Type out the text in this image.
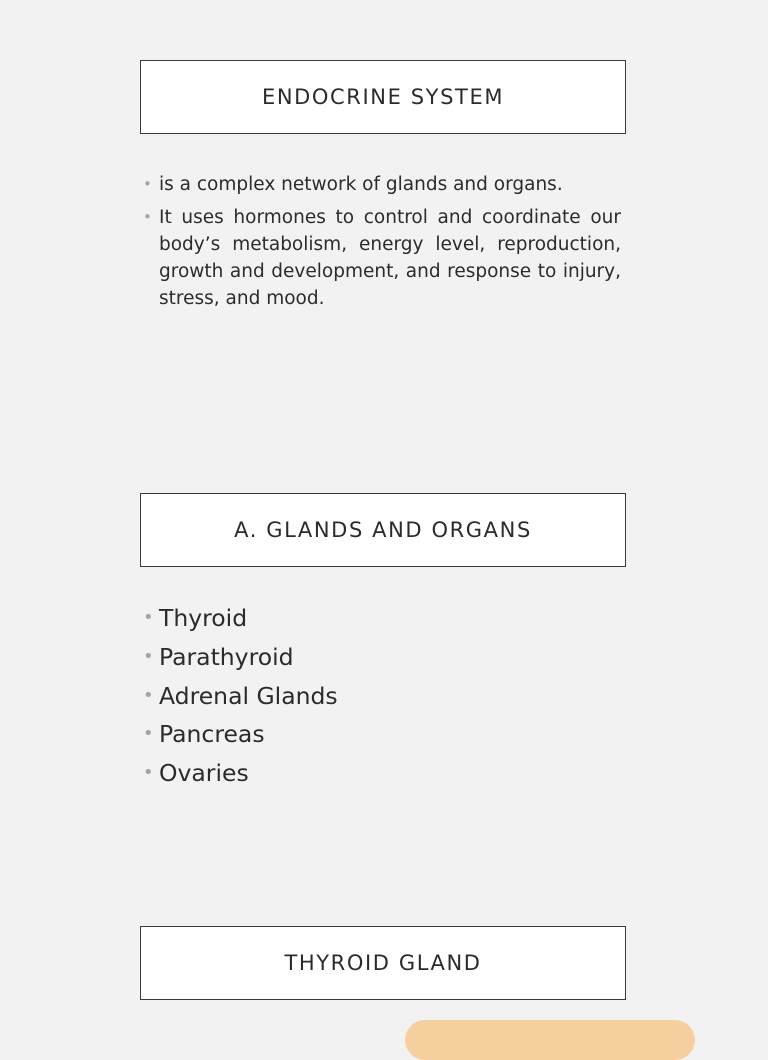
ENDOCRINE SYSTEM
• is a complex network of glands and organs.
• It uses hormones to control and coordinate our body’s metabolism, energy level, reproduction, growth and development, and response to injury, stress, and mood.
A. GLANDS AND ORGANS
• Thyroid
• Parathyroid
• Adrenal Glands
• Pancreas
• Ovaries
THYROID GLAND
